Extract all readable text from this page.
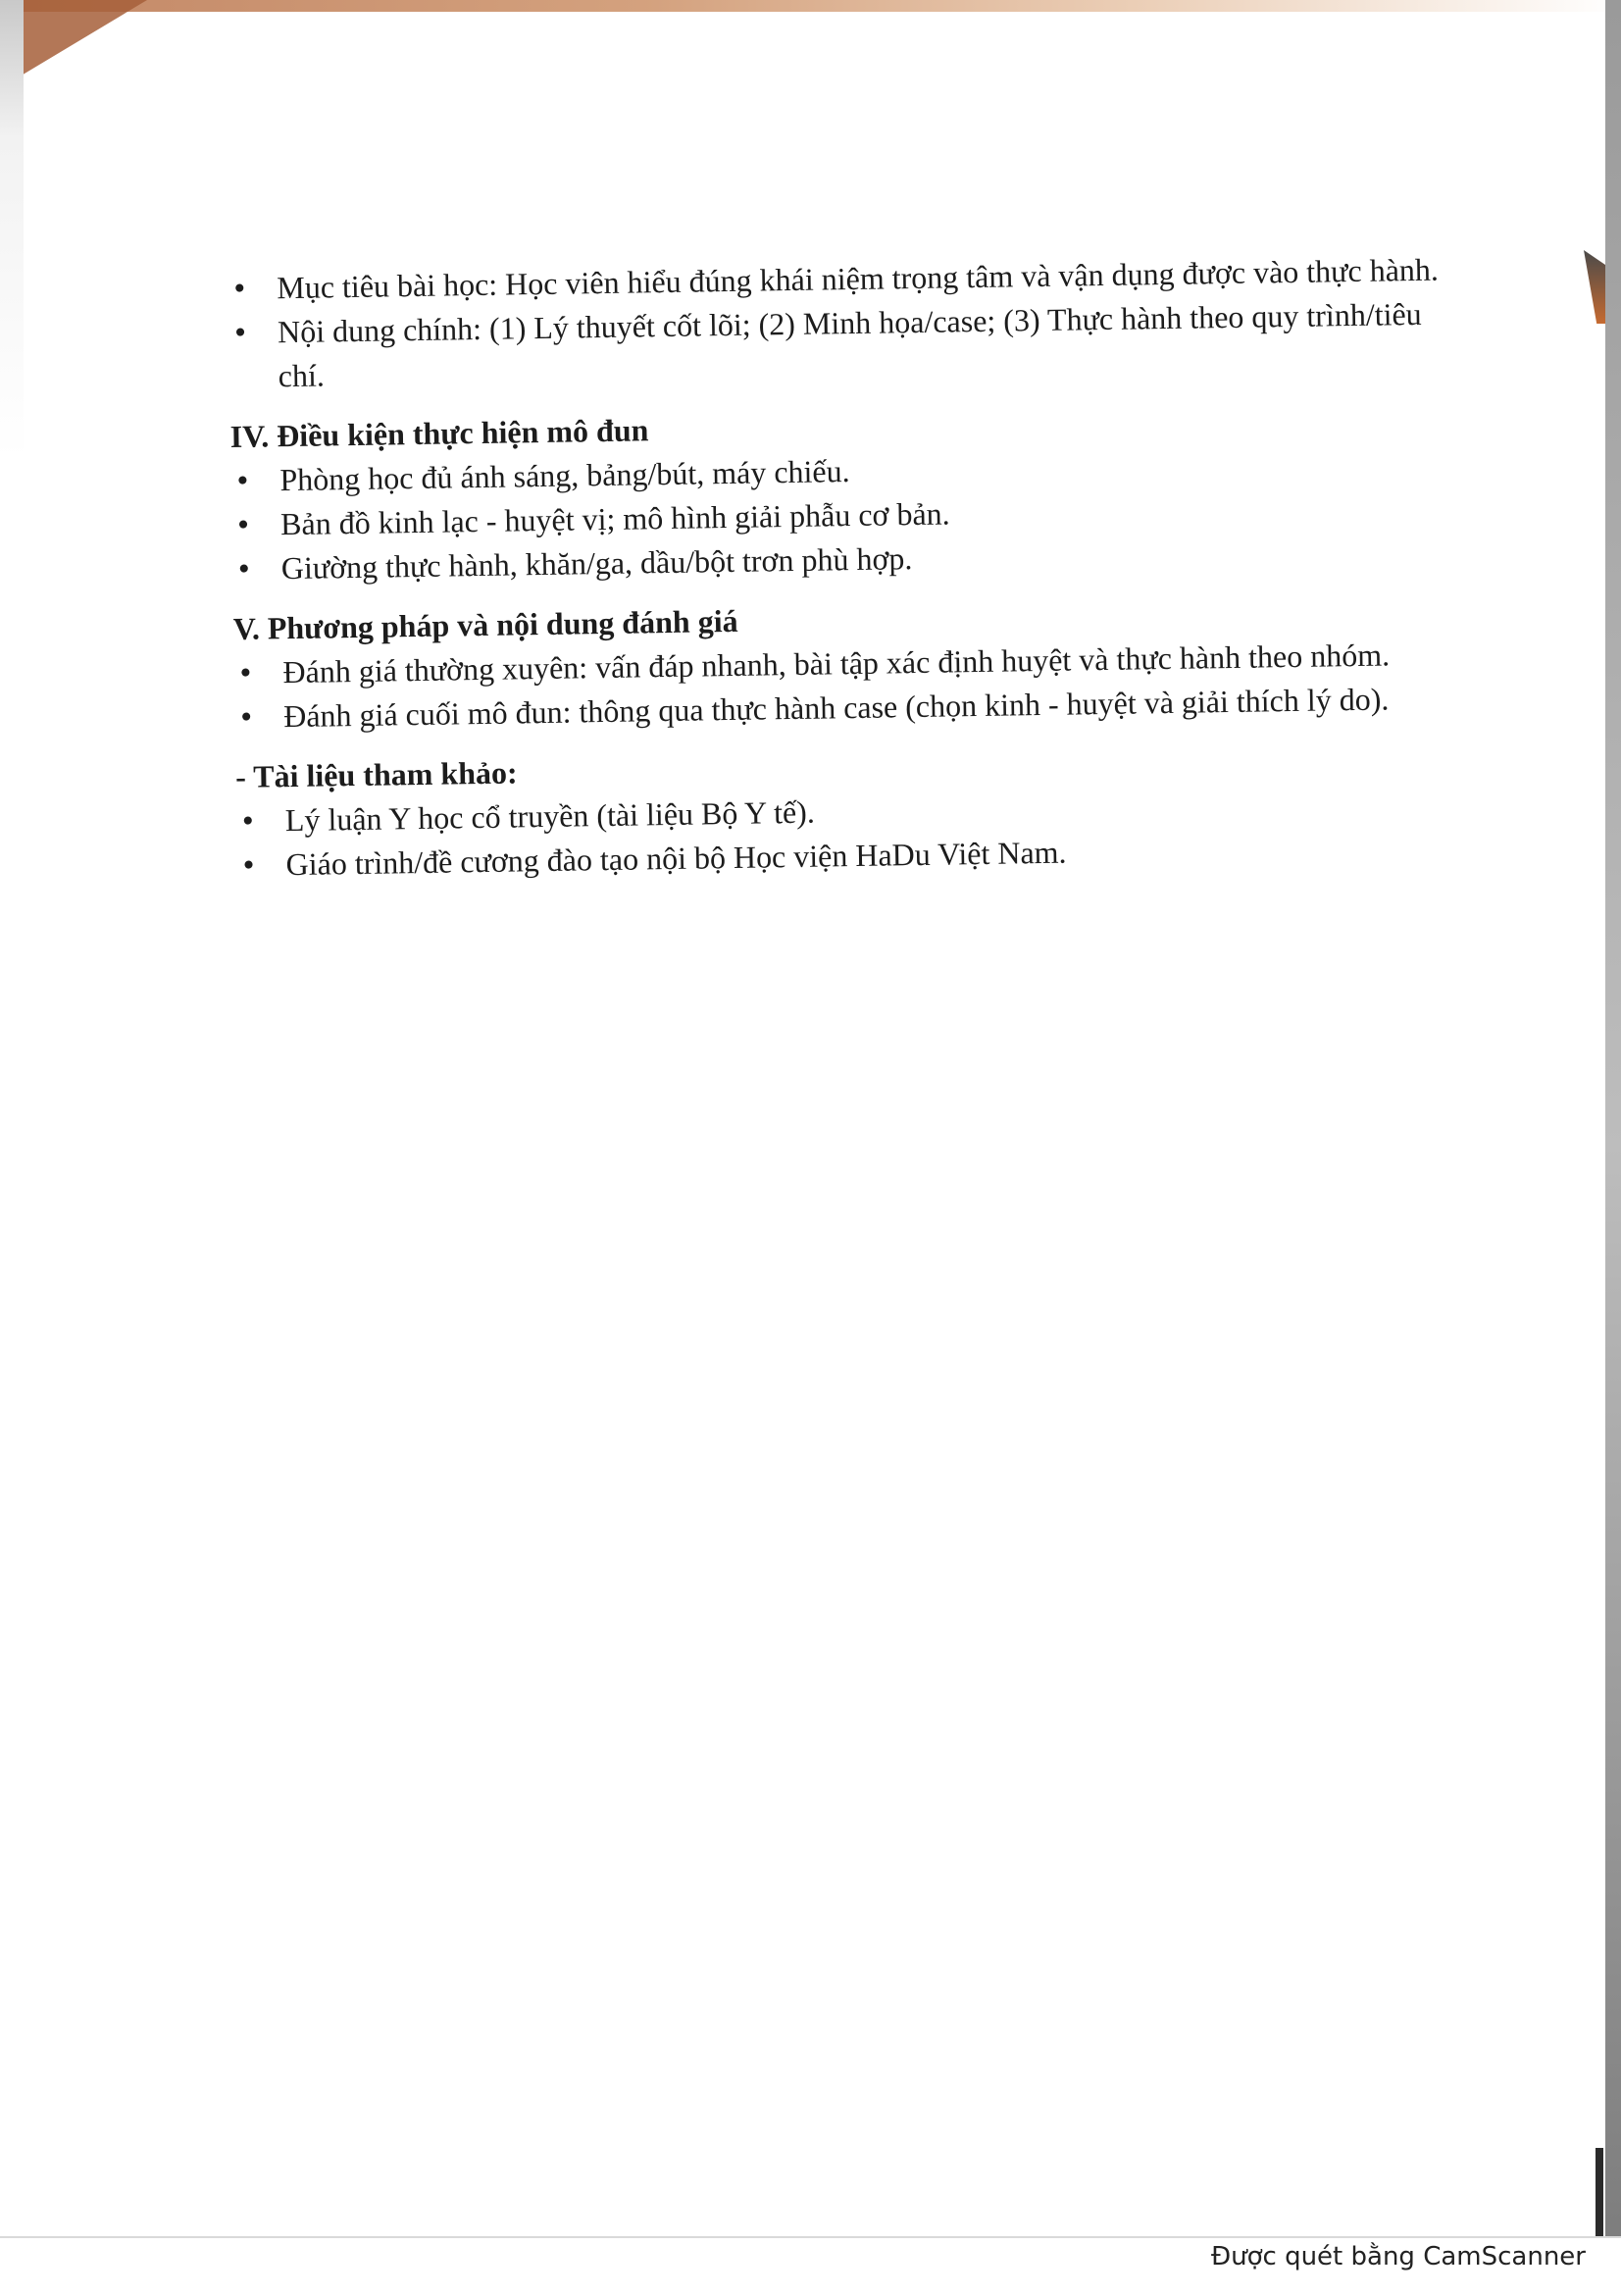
• Mục tiêu bài học: Học viên hiểu đúng khái niệm trọng tâm và vận dụng được vào thực hành.
• Nội dung chính: (1) Lý thuyết cốt lõi; (2) Minh họa/case; (3) Thực hành theo quy trình/tiêu chí.

IV. Điều kiện thực hiện mô đun

• Phòng học đủ ánh sáng, bảng/bút, máy chiếu.
• Bản đồ kinh lạc - huyệt vị; mô hình giải phẫu cơ bản.
• Giường thực hành, khăn/ga, dầu/bột trơn phù hợp.

V. Phương pháp và nội dung đánh giá

• Đánh giá thường xuyên: vấn đáp nhanh, bài tập xác định huyệt và thực hành theo nhóm.
• Đánh giá cuối mô đun: thông qua thực hành case (chọn kinh - huyệt và giải thích lý do).

- Tài liệu tham khảo:

• Lý luận Y học cổ truyền (tài liệu Bộ Y tế).
• Giáo trình/đề cương đào tạo nội bộ Học viện HaDu Việt Nam.
Được quét bằng CamScanner
